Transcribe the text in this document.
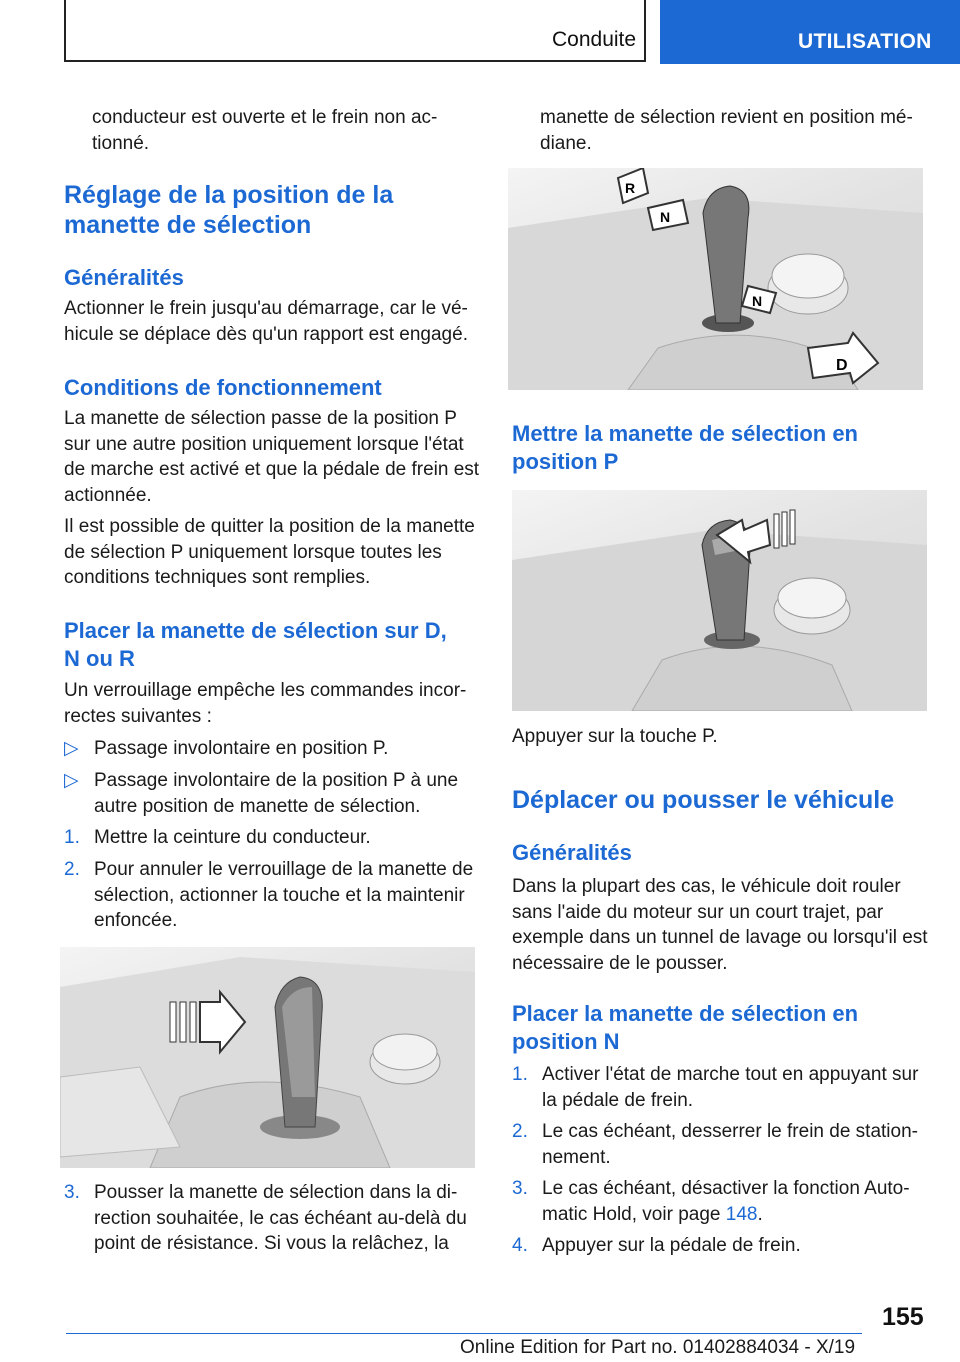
Conduite	UTILISATION

conducteur est ouverte et le frein non ac-
tionné.

Réglage de la position de la
manette de sélection
Généralités

Actionner le frein jusqu'au démarrage, car le vé-
hicule se déplace dès qu'un rapport est engagé.

Conditions de fonctionnement

La manette de sélection passe de la position P
sur une autre position uniquement lorsque l'état
de marche est activé et que la pédale de frein est
actionnée.

Il est possible de quitter la position de la manette
de sélection P uniquement lorsque toutes les
conditions techniques sont remplies.

Placer la manette de sélection sur D,
N ou R

Un verrouillage empêche les commandes incor-
rectes suivantes :

▷ Passage involontaire en position P.
▷ Passage involontaire de la position P à une
autre position de manette de sélection.
1. Mettre la ceinture du conducteur.
2. Pour annuler le verrouillage de la manette de
sélection, actionner la touche et la maintenir
enfoncée.
3. Pousser la manette de sélection dans la di-
rection souhaitée, le cas échéant au-delà du
point de résistance. Si vous la relâchez, la

manette de sélection revient en position mé-
diane.

R
N
N
D
Mettre la manette de sélection en
position P

Appuyer sur la touche P.

Déplacer ou pousser le véhicule
Généralités

Dans la plupart des cas, le véhicule doit rouler
sans l'aide du moteur sur un court trajet, par
exemple dans un tunnel de lavage ou lorsqu'il est
nécessaire de le pousser.

Placer la manette de sélection en
position N
1. Activer l'état de marche tout en appuyant sur
la pédale de frein.
2. Le cas échéant, desserrer le frein de station-
nement.
3. Le cas échéant, désactiver la fonction Auto-
matic Hold, voir page 148.
4. Appuyer sur la pédale de frein.
155
Online Edition for Part no. 01402884034 - X/19
